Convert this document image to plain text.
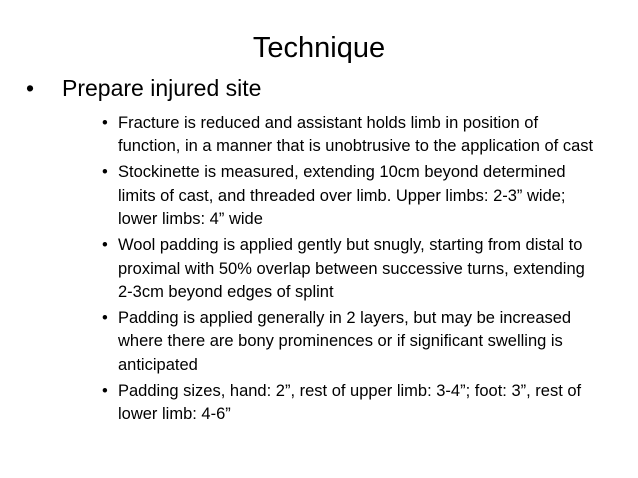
Technique
•	Prepare injured site
• Fracture is reduced and assistant holds limb in position of function, in a manner that is unobtrusive to the application of cast
• Stockinette is measured, extending 10cm beyond determined limits of cast, and threaded over limb. Upper limbs: 2-3” wide; lower limbs: 4” wide
• Wool padding is applied gently but snugly, starting from distal to proximal with 50% overlap between successive turns, extending 2-3cm beyond edges of splint
• Padding is applied generally in 2 layers, but may be increased where there are bony prominences or if significant swelling is anticipated
• Padding sizes, hand: 2”, rest of upper limb: 3-4”; foot: 3”, rest of lower limb: 4-6”
